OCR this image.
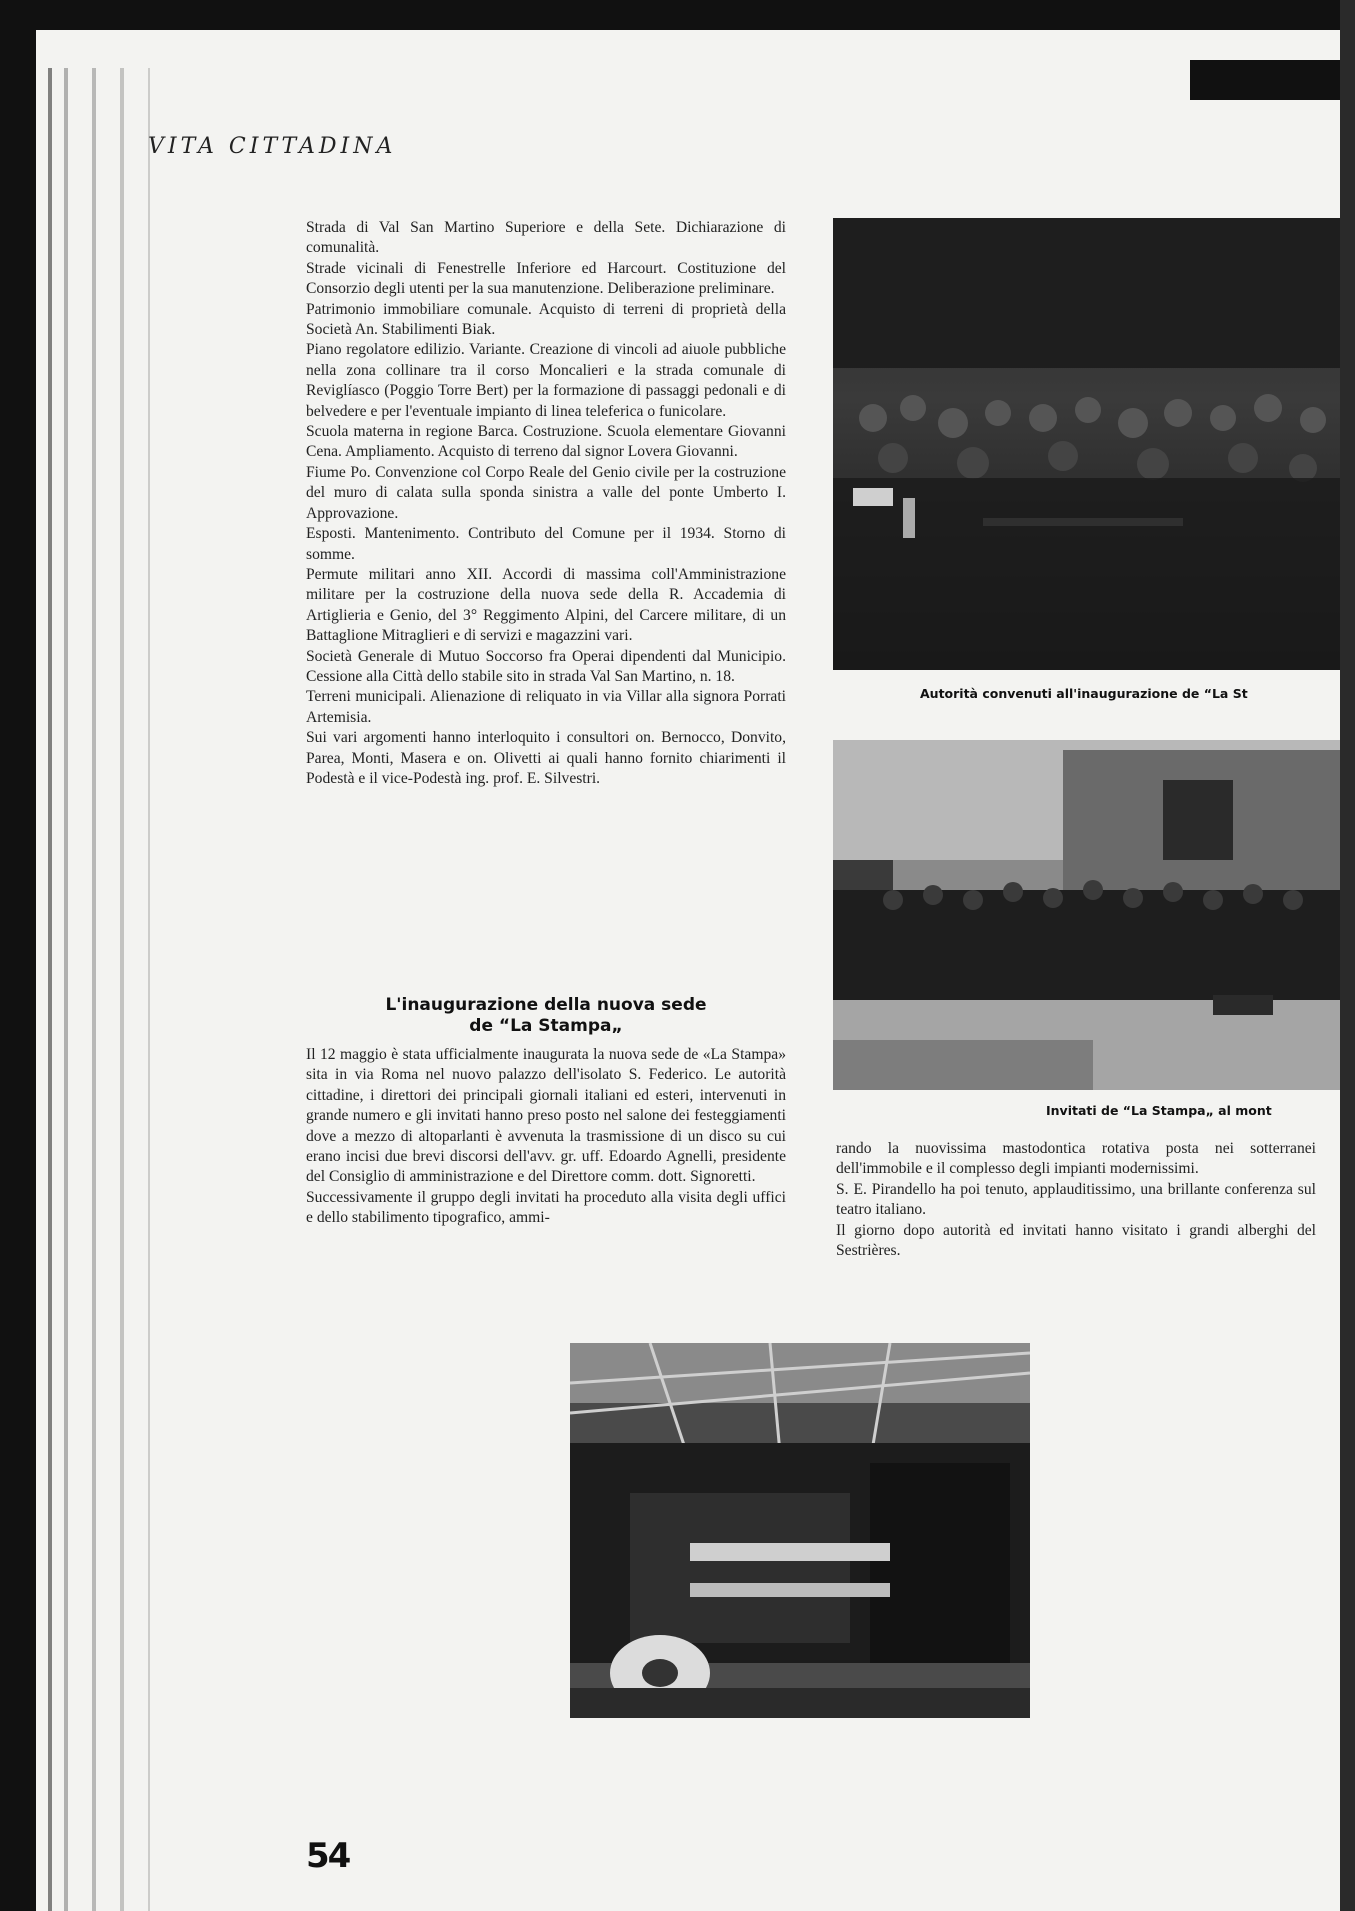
VITA CITTADINA

Strada di Val San Martino Superiore e della Sete. Dichiarazione di comunalità.

Strade vicinali di Fenestrelle Inferiore ed Harcourt. Costituzione del Consorzio degli utenti per la sua manutenzione. Deliberazione preliminare.

Patrimonio immobiliare comunale. Acquisto di terreni di proprietà della Società An. Stabilimenti Biak.

Piano regolatore edilizio. Variante. Creazione di vincoli ad aiuole pubbliche nella zona collinare tra il corso Moncalieri e la strada comunale di Reviglíasco (Poggio Torre Bert) per la formazione di passaggi pedonali e di belvedere e per l'eventuale impianto di linea teleferica o funicolare.

Scuola materna in regione Barca. Costruzione. Scuola elementare Giovanni Cena. Ampliamento. Acquisto di terreno dal signor Lovera Giovanni.

Fiume Po. Convenzione col Corpo Reale del Genio civile per la costruzione del muro di calata sulla sponda sinistra a valle del ponte Umberto I. Approvazione.

Esposti. Mantenimento. Contributo del Comune per il 1934. Storno di somme.

Permute militari anno XII. Accordi di massima coll'Amministrazione militare per la costruzione della nuova sede della R. Accademia di Artiglieria e Genio, del 3° Reggimento Alpini, del Carcere militare, di un Battaglione Mitraglieri e di servizi e magazzini vari.

Società Generale di Mutuo Soccorso fra Operai dipendenti dal Municipio. Cessione alla Città dello stabile sito in strada Val San Martino, n. 18.

Terreni municipali. Alienazione di reliquato in via Villar alla signora Porrati Artemisia.

Sui vari argomenti hanno interloquito i consultori on. Bernocco, Donvito, Parea, Monti, Masera e on. Olivetti ai quali hanno fornito chiarimenti il Podestà e il vice-Podestà ing. prof. E. Silvestri.

L'inaugurazione della nuova sede
de “La Stampa„

Il 12 maggio è stata ufficialmente inaugurata la nuova sede de «La Stampa» sita in via Roma nel nuovo palazzo dell'isolato S. Federico. Le autorità cittadine, i direttori dei principali giornali italiani ed esteri, intervenuti in grande numero e gli invitati hanno preso posto nel salone dei festeggiamenti dove a mezzo di altoparlanti è avvenuta la trasmissione di un disco su cui erano incisi due brevi discorsi dell'avv. gr. uff. Edoardo Agnelli, presidente del Consiglio di amministrazione e del Direttore comm. dott. Signoretti.

Successivamente il gruppo degli invitati ha proceduto alla visita degli uffici e dello stabilimento tipografico, ammi-

rando la nuovissima mastodontica rotativa posta nei sotterranei dell'immobile e il complesso degli impianti modernissimi.

S. E. Pirandello ha poi tenuto, applauditissimo, una brillante conferenza sul teatro italiano.

Il giorno dopo autorità ed invitati hanno visitato i grandi alberghi del Sestrières.

Autorità convenuti all'inaugurazione de “La St
Invitati de “La Stampa„ al mont
54
